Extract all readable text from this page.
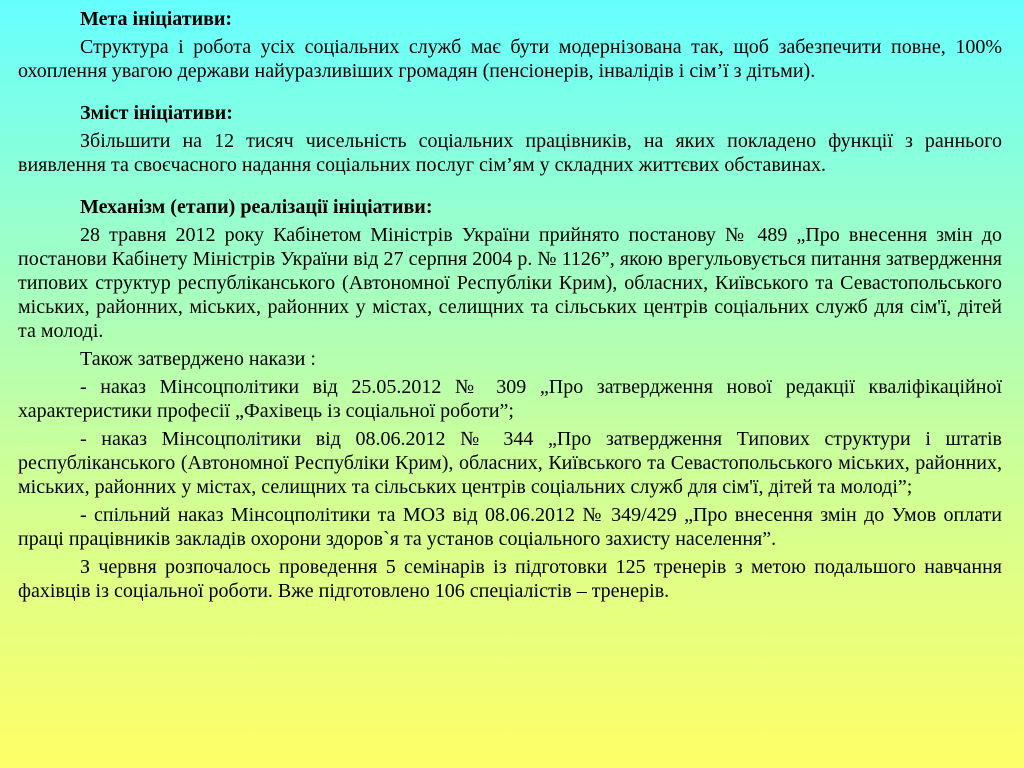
Мета ініціативи:

Структура і робота усіх соціальних служб має бути модернізована так, щоб забезпечити повне, 100% охоплення увагою держави найуразливіших громадян (пенсіонерів, інвалідів і сім’ї з дітьми).

Зміст ініціативи:

Збільшити на 12 тисяч чисельність соціальних працівників, на яких покладено функції з раннього виявлення та своєчасного надання соціальних послуг сім’ям у складних життєвих обставинах.

Механізм (етапи) реалізації ініціативи:

28 травня 2012 року Кабінетом Міністрів України прийнято постанову № 489 „Про внесення змін до постанови Кабінету Міністрів України від 27 серпня 2004 р. № 1126”, якою врегульовується питання затвердження типових структур республіканського (Автономної Республіки Крим), обласних, Київського та Севастопольського міських, районних, міських, районних у містах, селищних та сільських центрів соціальних служб для сім'ї, дітей та молоді.

Також затверджено накази :

- наказ Мінсоцполітики від 25.05.2012 № 309 „Про затвердження нової редакції кваліфікаційної характеристики професії „Фахівець із соціальної роботи”;

- наказ Мінсоцполітики від 08.06.2012 № 344 „Про затвердження Типових структури і штатів республіканського (Автономної Республіки Крим), обласних, Київського та Севастопольського міських, районних, міських, районних у містах, селищних та сільських центрів соціальних служб для сім'ї, дітей та молоді”;

- спільний наказ Мінсоцполітики та МОЗ від 08.06.2012 № 349/429 „Про внесення змін до Умов оплати праці працівників закладів охорони здоров`я та установ соціального захисту населення”.

З червня розпочалось проведення 5 семінарів із підготовки 125 тренерів з метою подальшого навчання фахівців із соціальної роботи. Вже підготовлено 106 спеціалістів – тренерів.
